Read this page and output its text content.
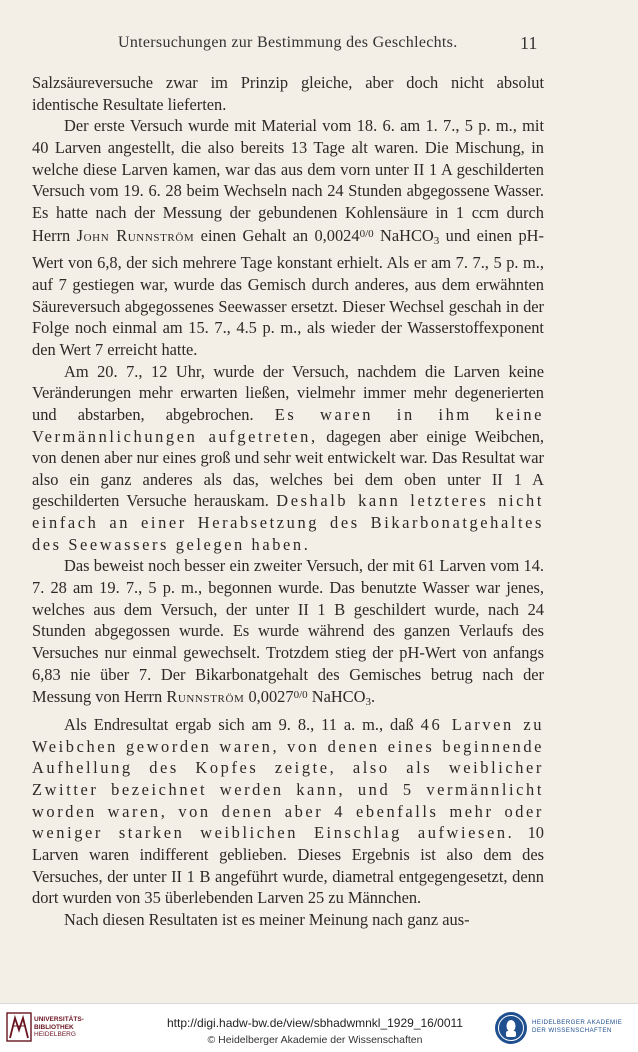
Untersuchungen zur Bestimmung des Geschlechts.	11

Salzsäureversuche zwar im Prinzip gleiche, aber doch nicht absolut identische Resultate lieferten.

Der erste Versuch wurde mit Material vom 18. 6. am 1. 7., 5 p. m., mit 40 Larven angestellt, die also bereits 13 Tage alt waren. Die Mischung, in welche diese Larven kamen, war das aus dem vorn unter II 1 A geschilderten Versuch vom 19. 6. 28 beim Wechseln nach 24 Stunden abgegossene Wasser. Es hatte nach der Messung der gebundenen Kohlensäure in 1 ccm durch Herrn John Runnström einen Gehalt an $0,0024^{0/0}$ NaHCO$_3$ und einen pH-Wert von 6,8, der sich mehrere Tage konstant erhielt. Als er am 7. 7., 5 p. m., auf 7 gestiegen war, wurde das Gemisch durch anderes, aus dem erwähnten Säureversuch abgegossenes Seewasser ersetzt. Dieser Wechsel geschah in der Folge noch einmal am 15. 7., 4.5 p. m., als wieder der Wasserstoffexponent den Wert 7 erreicht hatte.

Am 20. 7., 12 Uhr, wurde der Versuch, nachdem die Larven keine Veränderungen mehr erwarten ließen, vielmehr immer mehr degenerierten und abstarben, abgebrochen. Es waren in ihm keine Vermännlichungen aufgetreten, dagegen aber einige Weibchen, von denen aber nur eines groß und sehr weit entwickelt war. Das Resultat war also ein ganz anderes als das, welches bei dem oben unter II 1 A geschilderten Versuche herauskam. Deshalb kann letzteres nicht einfach an einer Herabsetzung des Bikarbonatgehaltes des Seewassers gelegen haben.

Das beweist noch besser ein zweiter Versuch, der mit 61 Larven vom 14. 7. 28 am 19. 7., 5 p. m., begonnen wurde. Das benutzte Wasser war jenes, welches aus dem Versuch, der unter II 1 B geschildert wurde, nach 24 Stunden abgegossen wurde. Es wurde während des ganzen Verlaufs des Versuches nur einmal gewechselt. Trotzdem stieg der pH-Wert von anfangs 6,83 nie über 7. Der Bikarbonatgehalt des Gemisches betrug nach der Messung von Herrn Runnström $0,0027^{0/0}$ NaHCO$_3$.

Als Endresultat ergab sich am 9. 8., 11 a. m., daß 46 Larven zu Weibchen geworden waren, von denen eines beginnende Aufhellung des Kopfes zeigte, also als weiblicher Zwitter bezeichnet werden kann, und 5 vermännlicht worden waren, von denen aber 4 ebenfalls mehr oder weniger starken weiblichen Einschlag aufwiesen. 10 Larven waren indifferent geblieben. Dieses Ergebnis ist also dem des Versuches, der unter II 1 B angeführt wurde, diametral entgegengesetzt, denn dort wurden von 35 überlebenden Larven 25 zu Männchen.

Nach diesen Resultaten ist es meiner Meinung nach ganz aus-

UNIVERSITÄTS-
BIBLIOTHEK
HEIDELBERG
http://digi.hadw-bw.de/view/sbhadwmnkl_1929_16/0011
© Heidelberger Akademie der Wissenschaften
HEIDELBERGER AKADEMIE
DER WISSENSCHAFTEN
